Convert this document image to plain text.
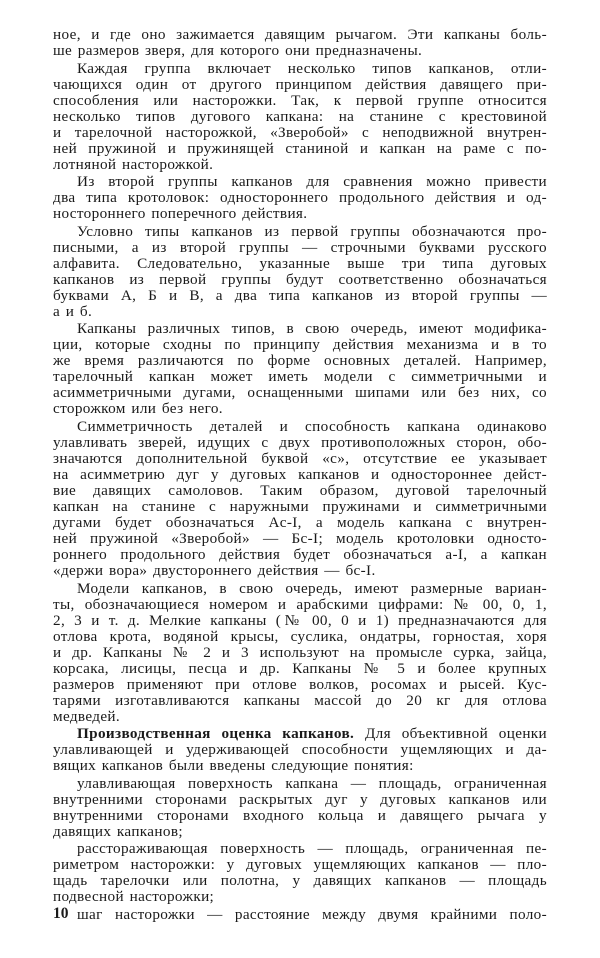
ное, и где оно зажимается давящим рычагом. Эти капканы боль-
ше размеров зверя, для которого они предназначены.
Каждая группа включает несколько типов капканов, отли-
чающихся один от другого принципом действия давящего при-
способления или насторожки. Так, к первой группе относится
несколько типов дугового капкана: на станине с крестовиной
и тарелочной насторожкой, «Зверобой» с неподвижной внутрен-
ней пружиной и пружинящей станиной и капкан на раме с по-
лотняной насторожкой.
Из второй группы капканов для сравнения можно привести
два типа кротоловок: одностороннего продольного действия и од-
ностороннего поперечного действия.
Условно типы капканов из первой группы обозначаются про-
писными, а из второй группы — строчными буквами русского
алфавита. Следовательно, указанные выше три типа дуговых
капканов из первой группы будут соответственно обозначаться
буквами А, Б и В, а два типа капканов из второй группы —
а и б.
Капканы различных типов, в свою очередь, имеют модифика-
ции, которые сходны по принципу действия механизма и в то
же время различаются по форме основных деталей. Например,
тарелочный капкан может иметь модели с симметричными и
асимметричными дугами, оснащенными шипами или без них, со
сторожком или без него.
Симметричность деталей и способность капкана одинаково
улавливать зверей, идущих с двух противоположных сторон, обо-
значаются дополнительной буквой «с», отсутствие ее указывает
на асимметрию дуг у дуговых капканов и одностороннее дейст-
вие давящих самоловов. Таким образом, дуговой тарелочный
капкан на станине с наружными пружинами и симметричными
дугами будет обозначаться Ac-I, а модель капкана с внутрен-
ней пружиной «Зверобой» — Бс-I; модель кротоловки односто-
роннего продольного действия будет обозначаться a-I, а капкан
«держи вора» двустороннего действия — бс-I.
Модели капканов, в свою очередь, имеют размерные вариан-
ты, обозначающиеся номером и арабскими цифрами: № 00, 0, 1,
2, 3 и т. д. Мелкие капканы (№ 00, 0 и 1) предназначаются для
отлова крота, водяной крысы, суслика, ондатры, горностая, хоря
и др. Капканы № 2 и 3 используют на промысле сурка, зайца,
корсака, лисицы, песца и др. Капканы № 5 и более крупных
размеров применяют при отлове волков, росомах и рысей. Кус-
тарями изготавливаются капканы массой до 20 кг для отлова
медведей.
Производственная оценка капканов. Для объективной оценки
улавливающей и удерживающей способности ущемляющих и да-
вящих капканов были введены следующие понятия:
улавливающая поверхность капкана — площадь, ограниченная
внутренними сторонами раскрытых дуг у дуговых капканов или
внутренними сторонами входного кольца и давящего рычага у
давящих капканов;
расстораживающая поверхность — площадь, ограниченная пе-
риметром насторожки: у дуговых ущемляющих капканов — пло-
щадь тарелочки или полотна, у давящих капканов — площадь
подвесной насторожки;
шаг насторожки — расстояние между двумя крайними поло-
10
